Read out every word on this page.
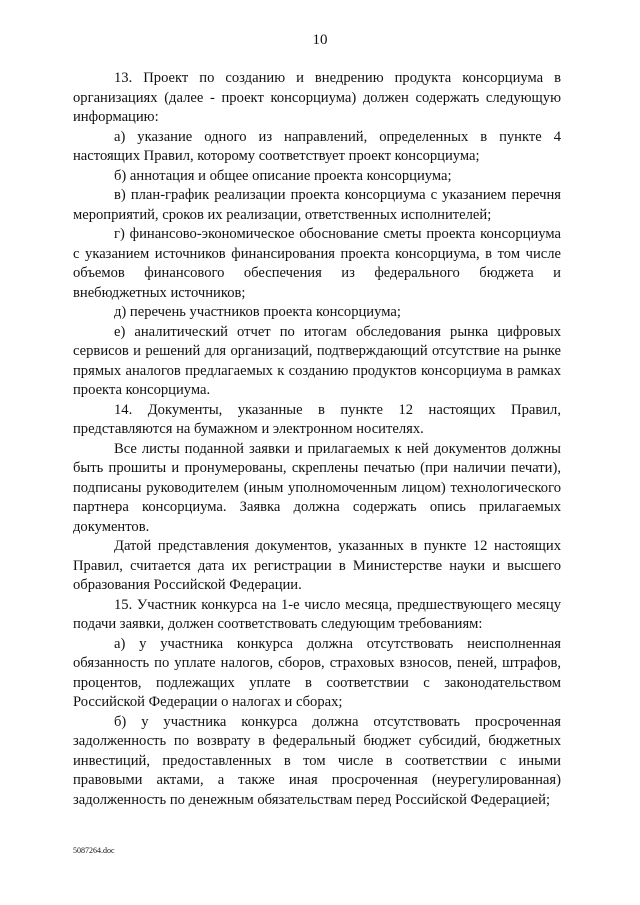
10

13. Проект по созданию и внедрению продукта консорциума в организациях (далее - проект консорциума) должен содержать следующую информацию:

а) указание одного из направлений, определенных в пункте 4 настоящих Правил, которому соответствует проект консорциума;

б) аннотация и общее описание проекта консорциума;

в) план-график реализации проекта консорциума с указанием перечня мероприятий, сроков их реализации, ответственных исполнителей;

г) финансово-экономическое обоснование сметы проекта консорциума с указанием источников финансирования проекта консорциума, в том числе объемов финансового обеспечения из федерального бюджета и внебюджетных источников;

д) перечень участников проекта консорциума;

е) аналитический отчет по итогам обследования рынка цифровых сервисов и решений для организаций, подтверждающий отсутствие на рынке прямых аналогов предлагаемых к созданию продуктов консорциума в рамках проекта консорциума.

14. Документы, указанные в пункте 12 настоящих Правил, представляются на бумажном и электронном носителях.

Все листы поданной заявки и прилагаемых к ней документов должны быть прошиты и пронумерованы, скреплены печатью (при наличии печати), подписаны руководителем (иным уполномоченным лицом) технологического партнера консорциума. Заявка должна содержать опись прилагаемых документов.

Датой представления документов, указанных в пункте 12 настоящих Правил, считается дата их регистрации в Министерстве науки и высшего образования Российской Федерации.

15. Участник конкурса на 1-е число месяца, предшествующего месяцу подачи заявки, должен соответствовать следующим требованиям:

а) у участника конкурса должна отсутствовать неисполненная обязанность по уплате налогов, сборов, страховых взносов, пеней, штрафов, процентов, подлежащих уплате в соответствии с законодательством Российской Федерации о налогах и сборах;

б) у участника конкурса должна отсутствовать просроченная задолженность по возврату в федеральный бюджет субсидий, бюджетных инвестиций, предоставленных в том числе в соответствии с иными правовыми актами, а также иная просроченная (неурегулированная) задолженность по денежным обязательствам перед Российской Федерацией;

5087264.doc
